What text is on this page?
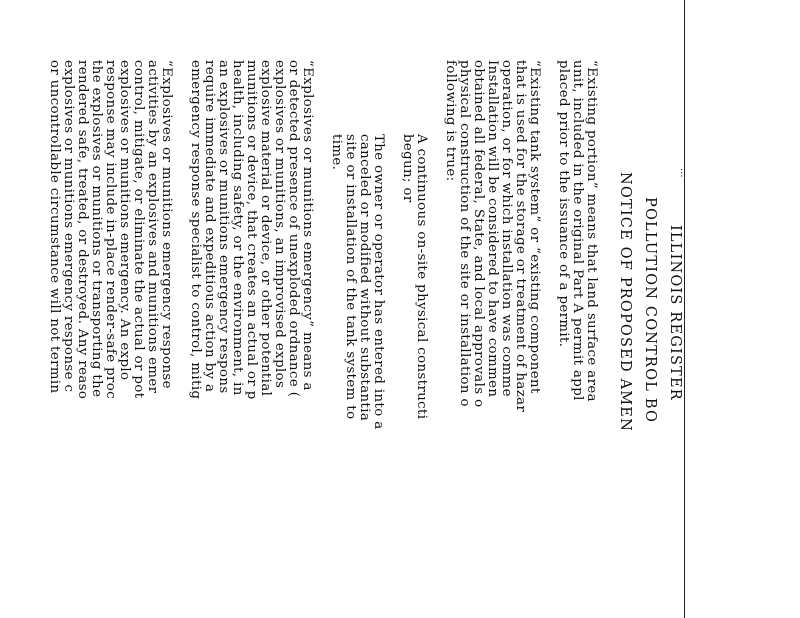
...
ILLINOIS REGISTER
POLLUTION CONTROL BO
NOTICE OF PROPOSED AMEN
“Existing portion” means that land surface area
unit, included in the original Part A permit appl
placed prior to the issuance of a permit.
“Existing tank system” or “existing component
that is used for the storage or treatment of hazar
operation, or for which installation was comme
Installation will be considered to have commen
obtained all federal, State, and local approvals o
physical construction of the site or installation o
following is true:
A continuous on-site physical constructi
begun; or
The owner or operator has entered into a
canceled or modified without substantia
site or installation of the tank system to
time.
“Explosives or munitions emergency” means a
or detected presence of unexploded ordnance (
explosives or munitions, an improvised explos
explosive material or device, or other potential
munitions or device, that creates an actual or p
health, including safety, or the environment, in
an explosives or munitions emergency respons
require immediate and expeditious action by a
emergency response specialist to control, mitig
“Explosives or munitions emergency response
activities by an explosives and munitions emer
control, mitigate, or eliminate the actual or pot
explosives or munitions emergency. An explo
response may include in-place render-safe proc
the explosives or munitions or transporting the
rendered safe, treated, or destroyed. Any reaso
explosives or munitions emergency response c
or uncontrollable circumstance will not termin
